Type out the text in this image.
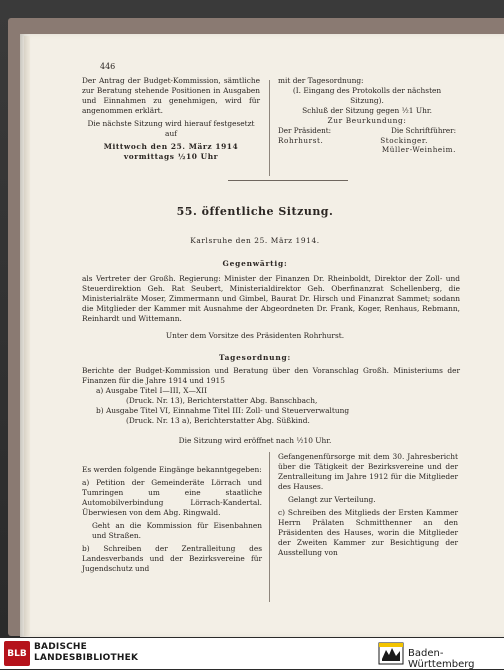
446

Der Antrag der Budget-Kommission, sämtliche zur Beratung stehende Positionen in Ausgaben und Einnahmen zu genehmigen, wird für angenommen erklärt.

Die nächste Sitzung wird hierauf festgesetzt auf

Mittwoch den 25. März 1914

vormittags ½10 Uhr

mit der Tagesordnung:

(I. Eingang des Protokolls der nächsten Sitzung).

Schluß der Sitzung gegen ½1 Uhr.

Zur Beurkundung:

Der Präsident:	Die Schriftführer:
Rohrhurst.	Stockinger.
	Müller-Weinheim.
55. öffentliche Sitzung.
Karlsruhe den 25. März 1914.
Gegenwärtig:
als Vertreter der Großh. Regierung: Minister der Finanzen Dr. Rheinboldt, Direktor der Zoll- und Steuerdirektion Geh. Rat Seubert, Ministerialdirektor Geh. Oberfinanzrat Schellenberg, die Ministerialräte Moser, Zimmermann und Gimbel, Baurat Dr. Hirsch und Finanzrat Sammet; sodann die Mitglieder der Kammer mit Ausnahme der Abgeordneten Dr. Frank, Koger, Renhaus, Rebmann, Reinhardt und Wittemann.
Unter dem Vorsitze des Präsidenten Rohrhurst.
Tagesordnung:

Berichte der Budget-Kommission und Beratung über den Voranschlag Großh. Ministeriums der Finanzen für die Jahre 1914 und 1915

a) Ausgabe Titel I—III, X—XII

(Druck. Nr. 13), Berichterstatter Abg. Banschbach,

b) Ausgabe Titel VI, Einnahme Titel III: Zoll- und Steuerverwaltung

(Druck. Nr. 13 a), Berichterstatter Abg. Süßkind.

Die Sitzung wird eröffnet nach ½10 Uhr.

Es werden folgende Eingänge bekanntgegeben:

a) Petition der Gemeinderäte Lörrach und Tumringen um eine staatliche Automobilverbindung Lörrach-Kandertal. Überwiesen von dem Abg. Ringwald.

Geht an die Kommission für Eisenbahnen und Straßen.

b) Schreiben der Zentralleitung des Landesverbands und der Bezirksvereine für Jugendschutz und

Gefangenenfürsorge mit dem 30. Jahresbericht über die Tätigkeit der Bezirksvereine und der Zentralleitung im Jahre 1912 für die Mitglieder des Hauses.

Gelangt zur Verteilung.

c) Schreiben des Mitglieds der Ersten Kammer Herrn Prälaten Schmitthenner an den Präsidenten des Hauses, worin die Mitglieder der Zweiten Kammer zur Besichtigung der Ausstellung von

BLB
BADISCHE
LANDESBIBLIOTHEK	Baden-Württemberg
